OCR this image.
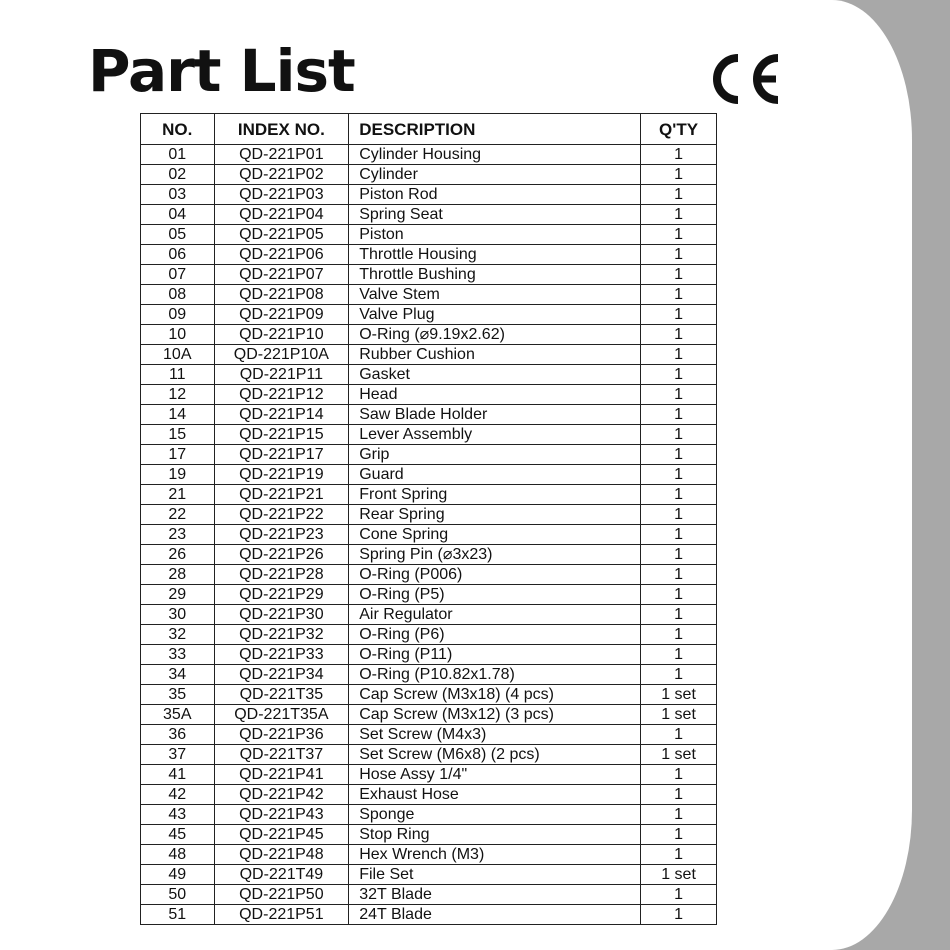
Part List
NO.	INDEX NO.	DESCRIPTION	Q'TY
01	QD-221P01	Cylinder Housing	1
02	QD-221P02	Cylinder	1
03	QD-221P03	Piston Rod	1
04	QD-221P04	Spring Seat	1
05	QD-221P05	Piston	1
06	QD-221P06	Throttle Housing	1
07	QD-221P07	Throttle Bushing	1
08	QD-221P08	Valve Stem	1
09	QD-221P09	Valve Plug	1
10	QD-221P10	O-Ring (⌀9.19x2.62)	1
10A	QD-221P10A	Rubber Cushion	1
11	QD-221P11	Gasket	1
12	QD-221P12	Head	1
14	QD-221P14	Saw Blade Holder	1
15	QD-221P15	Lever Assembly	1
17	QD-221P17	Grip	1
19	QD-221P19	Guard	1
21	QD-221P21	Front Spring	1
22	QD-221P22	Rear Spring	1
23	QD-221P23	Cone Spring	1
26	QD-221P26	Spring Pin (⌀3x23)	1
28	QD-221P28	O-Ring (P006)	1
29	QD-221P29	O-Ring (P5)	1
30	QD-221P30	Air Regulator	1
32	QD-221P32	O-Ring (P6)	1
33	QD-221P33	O-Ring (P11)	1
34	QD-221P34	O-Ring (P10.82x1.78)	1
35	QD-221T35	Cap Screw (M3x18) (4 pcs)	1 set
35A	QD-221T35A	Cap Screw (M3x12) (3 pcs)	1 set
36	QD-221P36	Set Screw (M4x3)	1
37	QD-221T37	Set Screw (M6x8) (2 pcs)	1 set
41	QD-221P41	Hose Assy 1/4"	1
42	QD-221P42	Exhaust Hose	1
43	QD-221P43	Sponge	1
45	QD-221P45	Stop Ring	1
48	QD-221P48	Hex Wrench (M3)	1
49	QD-221T49	File Set	1 set
50	QD-221P50	32T Blade	1
51	QD-221P51	24T Blade	1
